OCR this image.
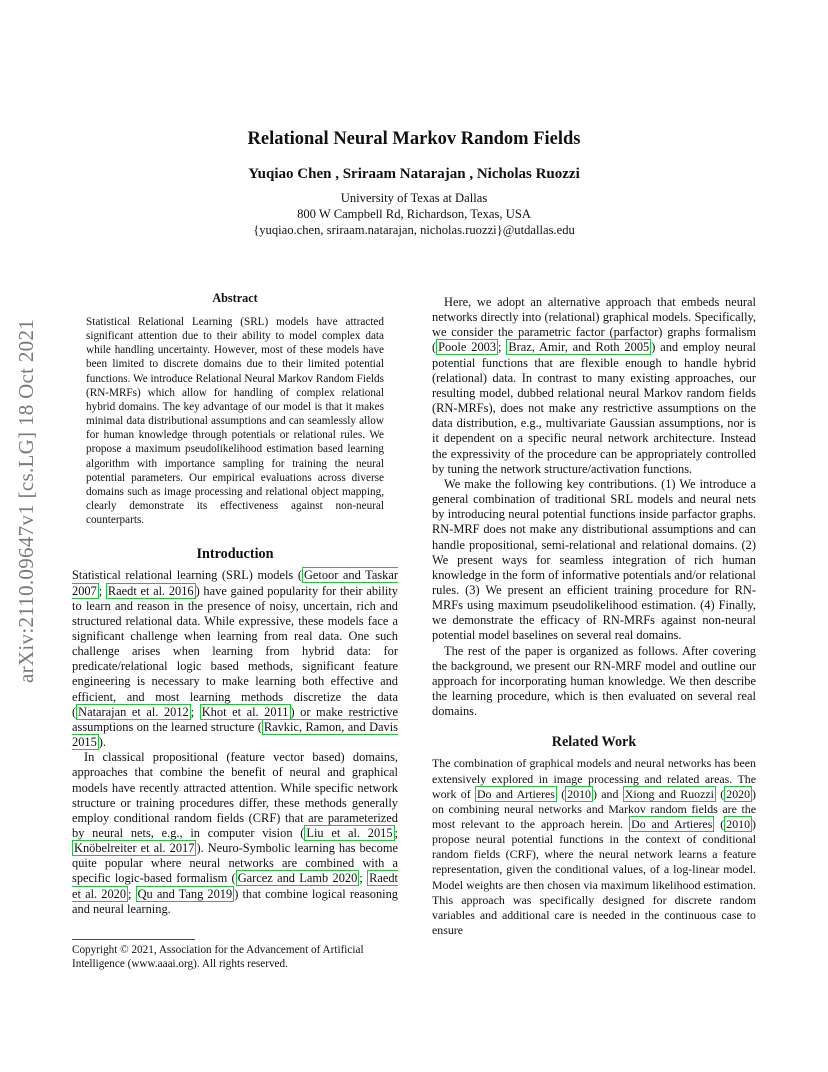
arXiv:2110.09647v1 [cs.LG] 18 Oct 2021
Relational Neural Markov Random Fields
Yuqiao Chen , Sriraam Natarajan , Nicholas Ruozzi
University of Texas at Dallas
800 W Campbell Rd, Richardson, Texas, USA
{yuqiao.chen, sriraam.natarajan, nicholas.ruozzi}@utdallas.edu
Abstract

Statistical Relational Learning (SRL) models have attracted significant attention due to their ability to model complex data while handling uncertainty. However, most of these models have been limited to discrete domains due to their limited potential functions. We introduce Relational Neural Markov Random Fields (RN-MRFs) which allow for handling of complex relational hybrid domains. The key advantage of our model is that it makes minimal data distributional assumptions and can seamlessly allow for human knowledge through potentials or relational rules. We propose a maximum pseudolikelihood estimation based learning algorithm with importance sampling for training the neural potential parameters. Our empirical evaluations across diverse domains such as image processing and relational object mapping, clearly demonstrate its effectiveness against non-neural counterparts.

Introduction

Statistical relational learning (SRL) models ( Getoor and Taskar 2007 ; Raedt et al. 2016 ) have gained popularity for their ability to learn and reason in the presence of noisy, uncertain, rich and structured relational data. While expressive, these models face a significant challenge when learning from real data. One such challenge arises when learning from hybrid data: for predicate/relational logic based methods, significant feature engineering is necessary to make learning both effective and efficient, and most learning methods discretize the data ( Natarajan et al. 2012 ; Khot et al. 2011 ) or make restrictive assumptions on the learned structure ( Ravkic, Ramon, and Davis 2015 ).

In classical propositional (feature vector based) domains, approaches that combine the benefit of neural and graphical models have recently attracted attention. While specific network structure or training procedures differ, these methods generally employ conditional random fields (CRF) that are parameterized by neural nets, e.g., in computer vision ( Liu et al. 2015 ; Knöbelreiter et al. 2017 ). Neuro-Symbolic learning has become quite popular where neural networks are combined with a specific logic-based formalism ( Garcez and Lamb 2020 ; Raedt et al. 2020 ; Qu and Tang 2019 ) that combine logical reasoning and neural learning.

Copyright © 2021, Association for the Advancement of Artificial Intelligence (www.aaai.org). All rights reserved.

Here, we adopt an alternative approach that embeds neural networks directly into (relational) graphical models. Specifically, we consider the parametric factor (parfactor) graphs formalism ( Poole 2003 ; Braz, Amir, and Roth 2005 ) and employ neural potential functions that are flexible enough to handle hybrid (relational) data. In contrast to many existing approaches, our resulting model, dubbed relational neural Markov random fields (RN-MRFs), does not make any restrictive assumptions on the data distribution, e.g., multivariate Gaussian assumptions, nor is it dependent on a specific neural network architecture. Instead the expressivity of the procedure can be appropriately controlled by tuning the network structure/activation functions.

We make the following key contributions. (1) We introduce a general combination of traditional SRL models and neural nets by introducing neural potential functions inside parfactor graphs. RN-MRF does not make any distributional assumptions and can handle propositional, semi-relational and relational domains. (2) We present ways for seamless integration of rich human knowledge in the form of informative potentials and/or relational rules. (3) We present an efficient training procedure for RN-MRFs using maximum pseudolikelihood estimation. (4) Finally, we demonstrate the efficacy of RN-MRFs against non-neural potential model baselines on several real domains.

The rest of the paper is organized as follows. After covering the background, we present our RN-MRF model and outline our approach for incorporating human knowledge. We then describe the learning procedure, which is then evaluated on several real domains.

Related Work

The combination of graphical models and neural networks has been extensively explored in image processing and related areas. The work of Do and Artieres ( 2010 ) and Xiong and Ruozzi ( 2020 ) on combining neural networks and Markov random fields are the most relevant to the approach herein. Do and Artieres ( 2010 ) propose neural potential functions in the context of conditional random fields (CRF), where the neural network learns a feature representation, given the conditional values, of a log-linear model. Model weights are then chosen via maximum likelihood estimation. This approach was specifically designed for discrete random variables and additional care is needed in the continuous case to ensure
